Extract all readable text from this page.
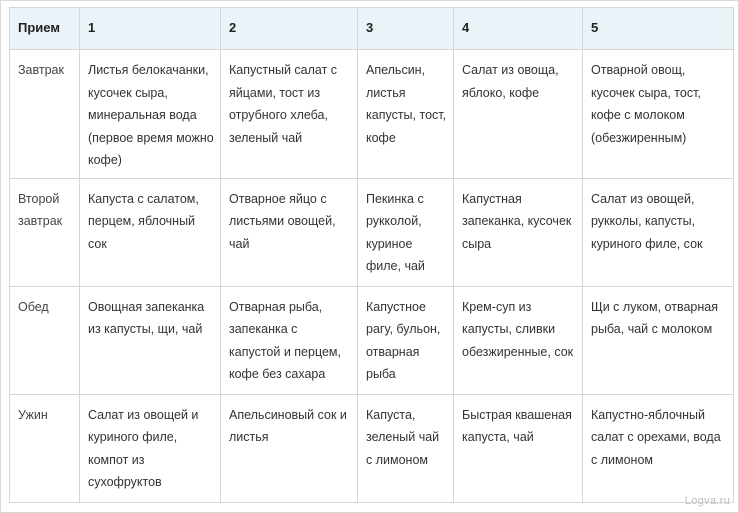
Прием	1	2	3	4	5
Завтрак	Листья белокачанки, кусочек сыра, минеральная вода (первое время можно кофе)	Капустный салат с яйцами, тост из отрубного хлеба, зеленый чай	Апельсин, листья капусты, тост, кофе	Салат из овоща, яблоко, кофе	Отварной овощ, кусочек сыра, тост, кофе с молоком (обезжиренным)
Второй завтрак	Капуста с салатом, перцем, яблочный сок	Отварное яйцо с листьями овощей, чай	Пекинка с рукколой, куриное филе, чай	Капустная запеканка, кусочек сыра	Салат из овощей, рукколы, капусты, куриного филе, сок
Обед	Овощная запеканка из капусты, щи, чай	Отварная рыба, запеканка с капустой и перцем, кофе без сахара	Капустное рагу, бульон, отварная рыба	Крем-суп из капусты, сливки обезжиренные, сок	Щи с луком, отварная рыба, чай с молоком
Ужин	Салат из овощей и куриного филе, компот из сухофруктов	Апельсиновый сок и листья	Капуста, зеленый чай с лимоном	Быстрая квашеная капуста, чай	Капустно-яблочный салат с орехами, вода с лимоном
Logva.ru
